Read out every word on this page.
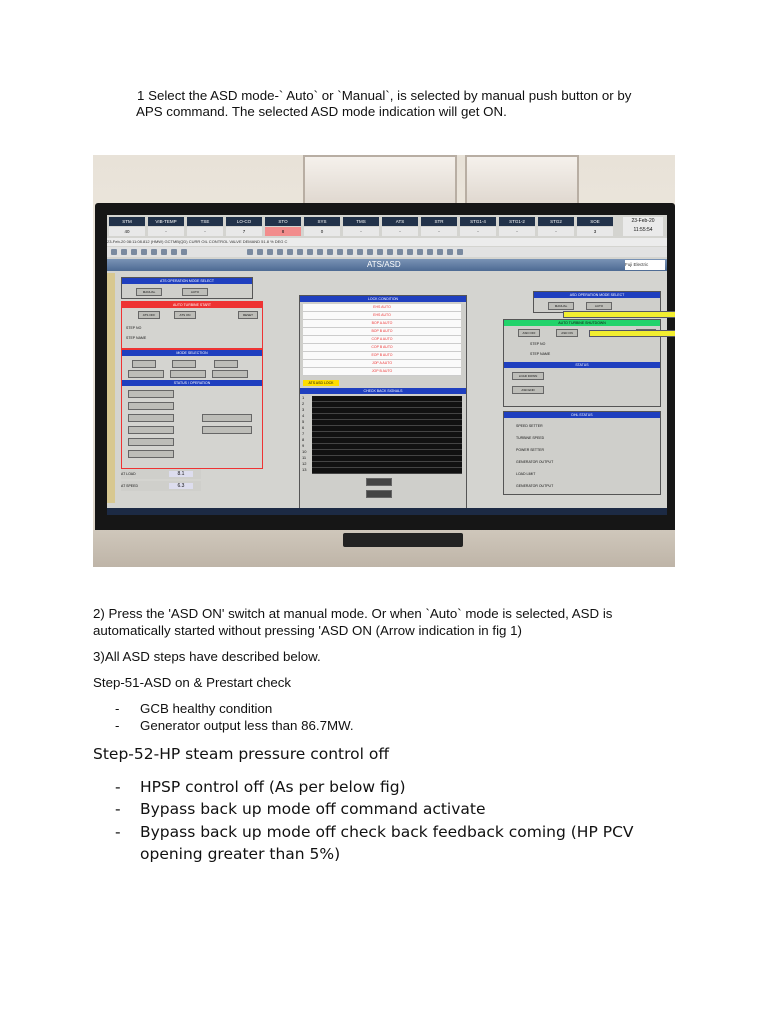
1 Select the ASD mode-` Auto` or `Manual`, is selected by manual push button or by

APS command. The selected ASD mode indication will get ON.

STM	VIB-TEMP	TSE	LO-CO	STO	SYS	TMS	ATS	STR	STG1-4	STG1-2	STG2	SOE
40	-	-	7	8	0	-	-	-	-	-	-	3
23-Feb-20
11:55:54
23-Feb-20 08:11:08.812 (HMW) GCTMB(QD) CURR OIL CONTROL VALVE DEMAND 51.8 % DEG C
ATS/ASD	Fuji Electric
ATS OPERATION MODE SELECT
MANUAL	AUTO
AUTO TURBINE START
ATS OFF	ATS ON	RESET
STEP NO
STEP NAME
MODE SELECTION
STATUS / OPERATION
AT LOAD	8.1
AT SPEED	6.3
LOCK CONDITION
EHS AUTO
EHS AUTO
BOP A AUTO
BOP B AUTO
COP A AUTO
COP B AUTO
EOP B AUTO
JOP A AUTO
JOP B AUTO
ATS ASD LOCK
CHECK BACK SIGNALS
1
2
3
4
5
6
7
8
9
10
11
12
13
ASD OPERATION MODE SELECT
MANUAL	AUTO
AUTO TURBINE SHUTDOWN
ASD OFF	ASD ON
STEP NO
STEP NAME
STATUS
LOAD DOWN
ASD END
DHL STATUS
SPEED SETTER
TURBINE SPEED
POWER SETTER
GENERATOR OUTPUT
LOAD LIMIT
GENERATOR OUTPUT

2) Press the 'ASD ON' switch at manual mode. Or when `Auto` mode is selected, ASD is

automatically started without pressing 'ASD ON (Arrow indication in fig 1)

3)All ASD steps have described below.

Step-51-ASD on & Prestart check

- GCB healthy condition
- Generator output less than 86.7MW.
Step-52-HP steam pressure control off
- HPSP control off (As per below fig)
- Bypass back up mode off command activate
- Bypass back up mode off check back feedback coming (HP PCV opening greater than 5%)
